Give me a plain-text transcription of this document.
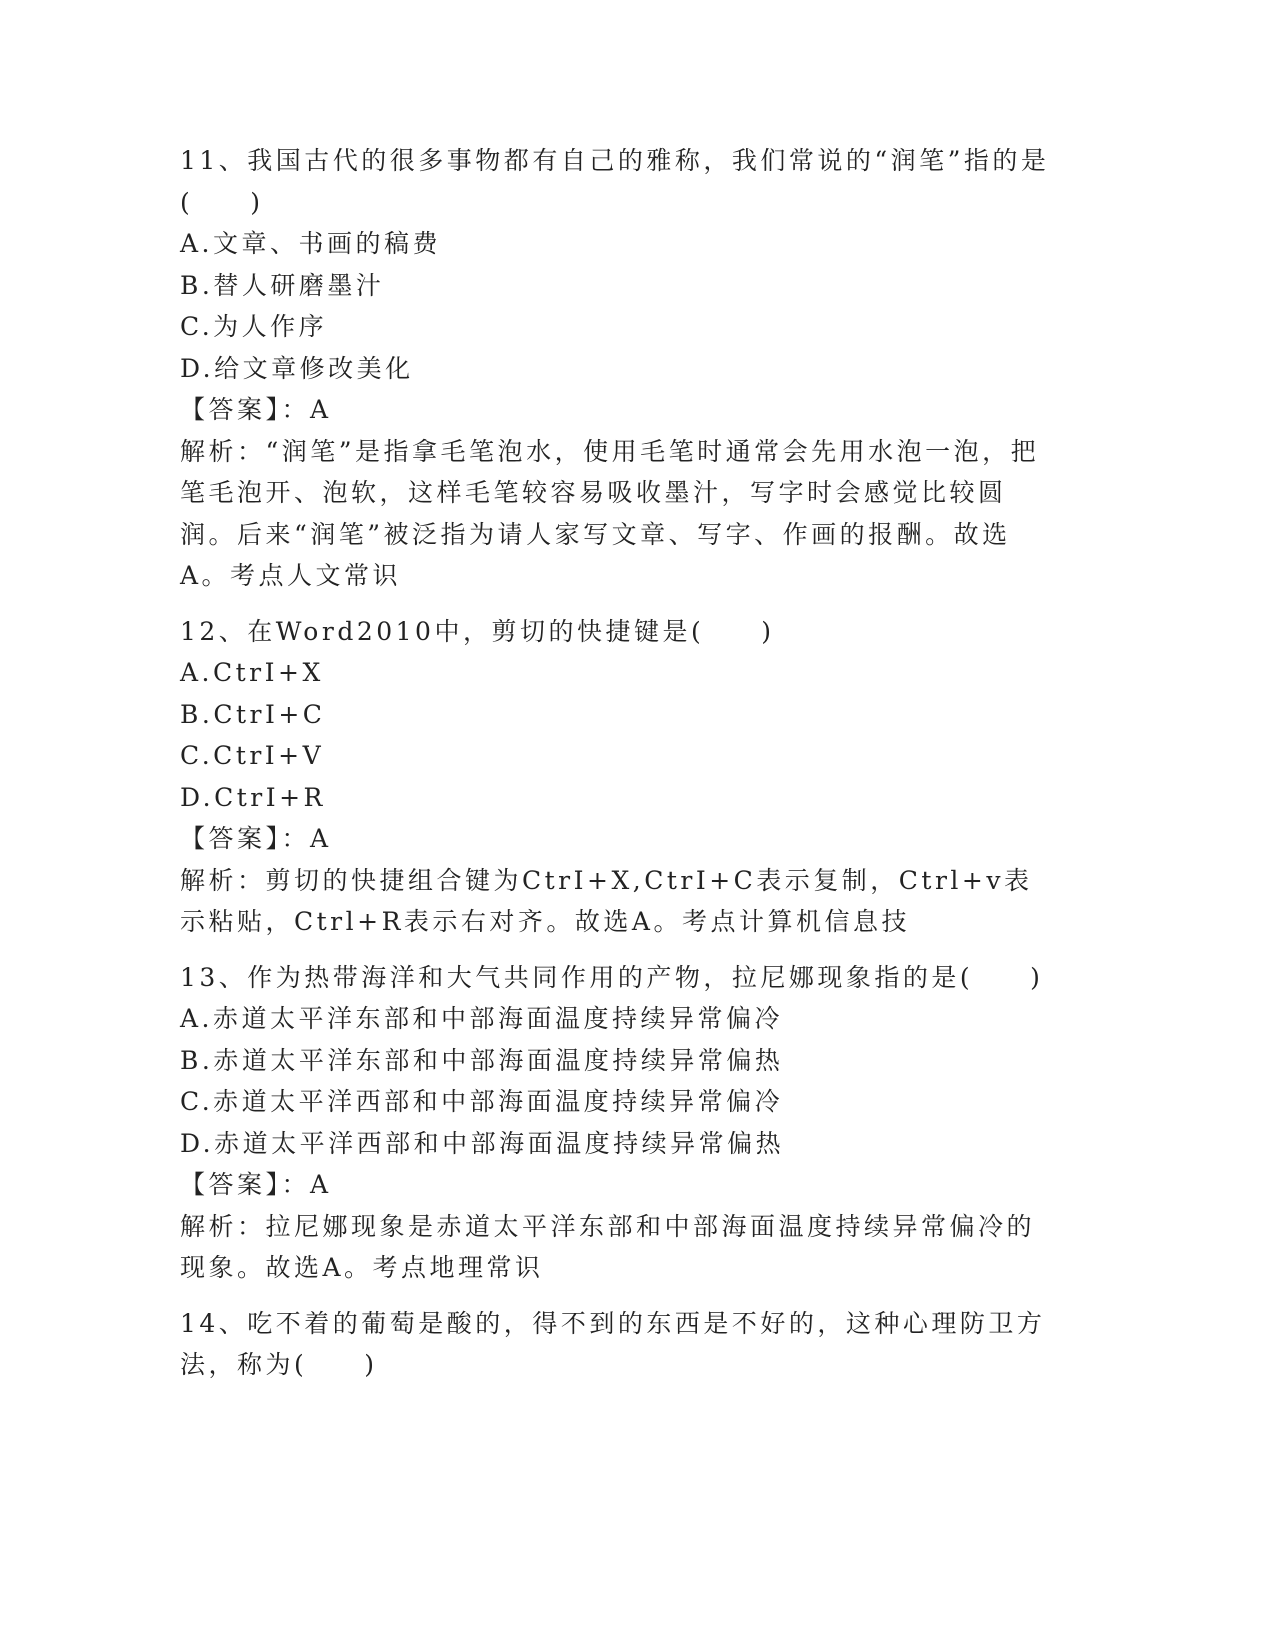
11、我国古代的很多事物都有自己的雅称，我们常说的“润笔”指的是(　　)

A.文章、书画的稿费

B.替人研磨墨汁

C.为人作序

D.给文章修改美化

【答案】：A

解析：“润笔”是指拿毛笔泡水，使用毛笔时通常会先用水泡一泡，把笔毛泡开、泡软，这样毛笔较容易吸收墨汁，写字时会感觉比较圆润。后来“润笔”被泛指为请人家写文章、写字、作画的报酬。故选A。考点人文常识

12、在Word2010中，剪切的快捷键是(　　)

A.CtrI+X

B.CtrI+C

C.CtrI+V

D.CtrI+R

【答案】：A

解析：剪切的快捷组合键为CtrI+X,CtrI+C表示复制，Ctrl+v表示粘贴，Ctrl+R表示右对齐。故选A。考点计算机信息技

13、作为热带海洋和大气共同作用的产物，拉尼娜现象指的是(　　)

A.赤道太平洋东部和中部海面温度持续异常偏冷

B.赤道太平洋东部和中部海面温度持续异常偏热

C.赤道太平洋西部和中部海面温度持续异常偏冷

D.赤道太平洋西部和中部海面温度持续异常偏热

【答案】：A

解析：拉尼娜现象是赤道太平洋东部和中部海面温度持续异常偏冷的现象。故选A。考点地理常识

14、吃不着的葡萄是酸的，得不到的东西是不好的，这种心理防卫方法，称为(　　)
